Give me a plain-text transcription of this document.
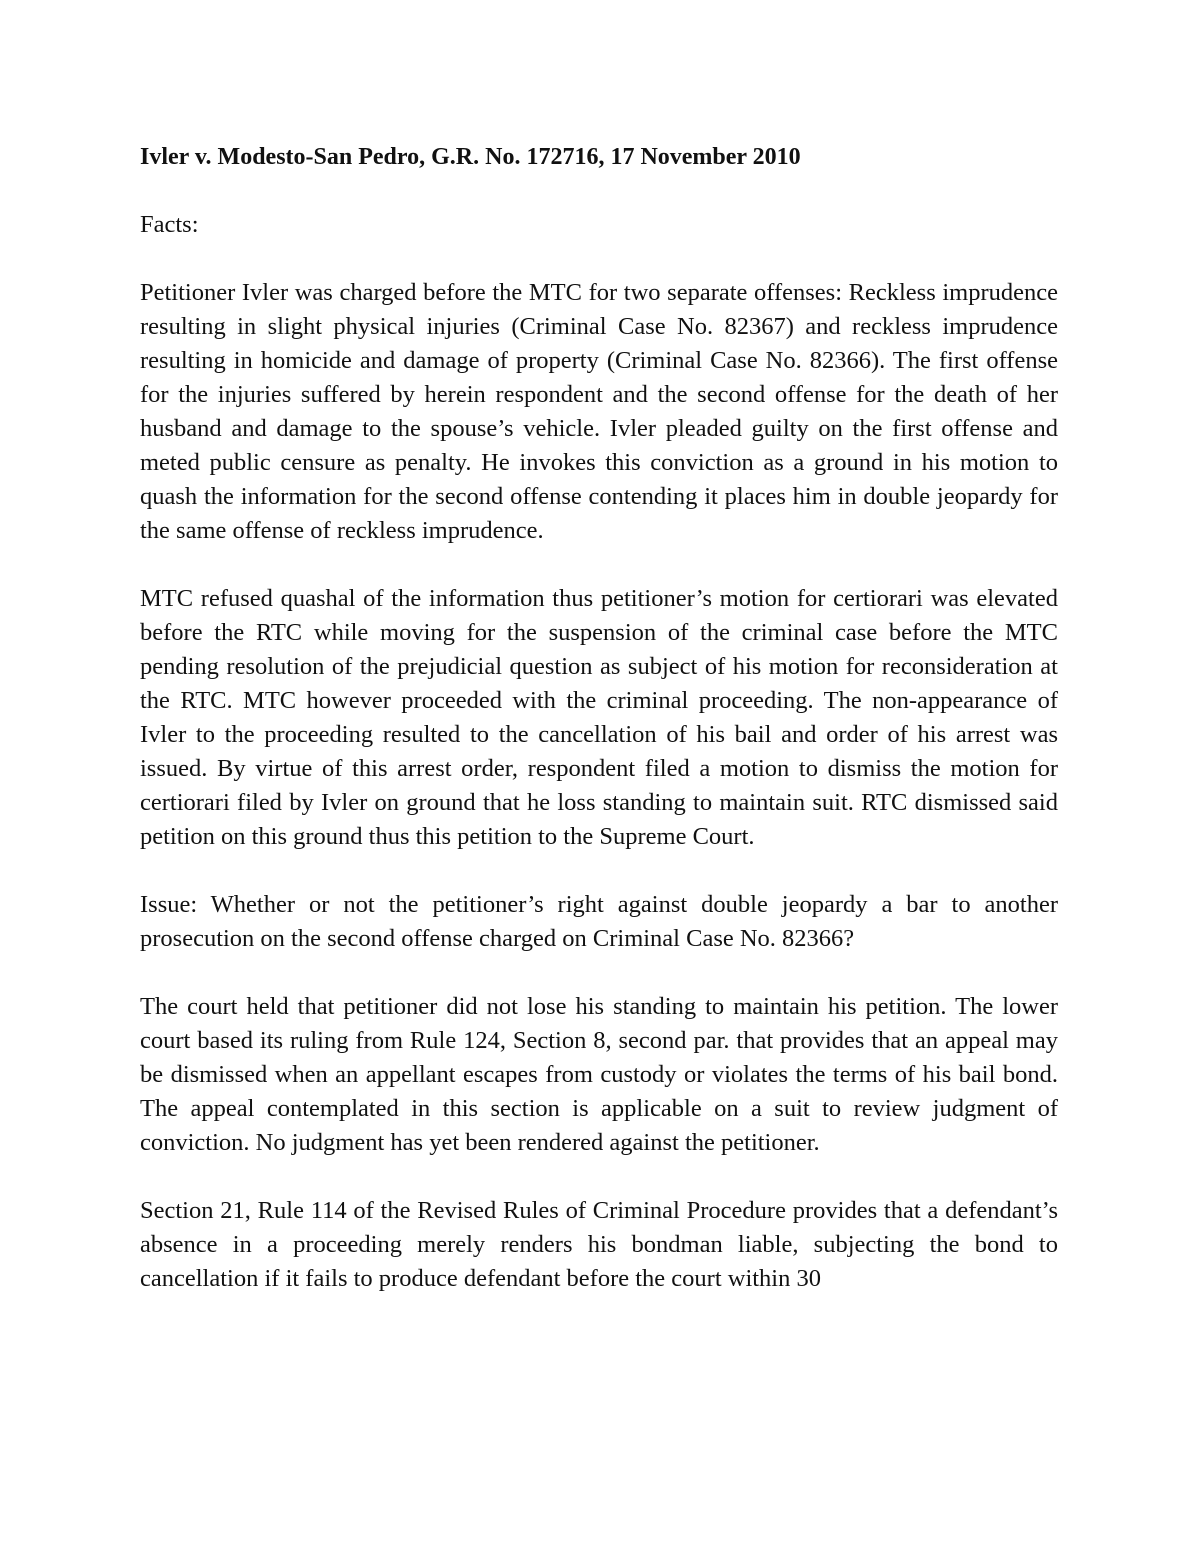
Ivler v. Modesto-San Pedro, G.R. No. 172716, 17 November 2010

Facts:

Petitioner Ivler was charged before the MTC for two separate offenses: Reckless imprudence resulting in slight physical injuries (Criminal Case No. 82367) and reckless imprudence resulting in homicide and damage of property (Criminal Case No. 82366). The first offense for the injuries suffered by herein respondent and the second offense for the death of her husband and damage to the spouse’s vehicle. Ivler pleaded guilty on the first offense and meted public censure as penalty. He invokes this conviction as a ground in his motion to quash the information for the second offense contending it places him in double jeopardy for the same offense of reckless imprudence.

MTC refused quashal of the information thus petitioner’s motion for certiorari was elevated before the RTC while moving for the suspension of the criminal case before the MTC pending resolution of the prejudicial question as subject of his motion for reconsideration at the RTC. MTC however proceeded with the criminal proceeding. The non-appearance of Ivler to the proceeding resulted to the cancellation of his bail and order of his arrest was issued. By virtue of this arrest order, respondent filed a motion to dismiss the motion for certiorari filed by Ivler on ground that he loss standing to maintain suit. RTC dismissed said petition on this ground thus this petition to the Supreme Court.

Issue: Whether or not the petitioner’s right against double jeopardy a bar to another prosecution on the second offense charged on Criminal Case No. 82366?

The court held that petitioner did not lose his standing to maintain his petition. The lower court based its ruling from Rule 124, Section 8, second par. that provides that an appeal may be dismissed when an appellant escapes from custody or violates the terms of his bail bond. The appeal contemplated in this section is applicable on a suit to review judgment of conviction. No judgment has yet been rendered against the petitioner.

Section 21, Rule 114 of the Revised Rules of Criminal Procedure provides that a defendant’s absence in a proceeding merely renders his bondman liable, subjecting the bond to cancellation if it fails to produce defendant before the court within 30
